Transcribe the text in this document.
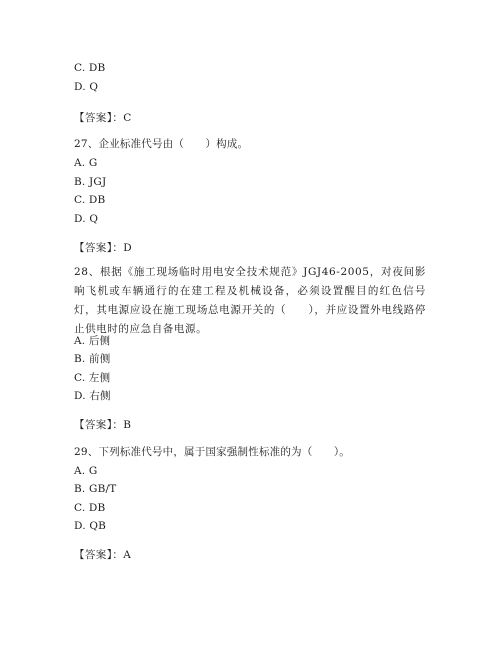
C. DB
D. Q
【答案】：C
27、企业标准代号由（　　）构成。
A. G
B. JGJ
C. DB
D. Q
【答案】：D
28、根据《施工现场临时用电安全技术规范》JGJ46-2005，对夜间影响飞机或车辆通行的在建工程及机械设备，必须设置醒目的红色信号灯，其电源应设在施工现场总电源开关的（　　），并应设置外电线路停止供电时的应急自备电源。
A. 后侧
B. 前侧
C. 左侧
D. 右侧
【答案】：B
29、下列标准代号中，属于国家强制性标准的为（　　）。
A. G
B. GB/T
C. DB
D. QB
【答案】：A
